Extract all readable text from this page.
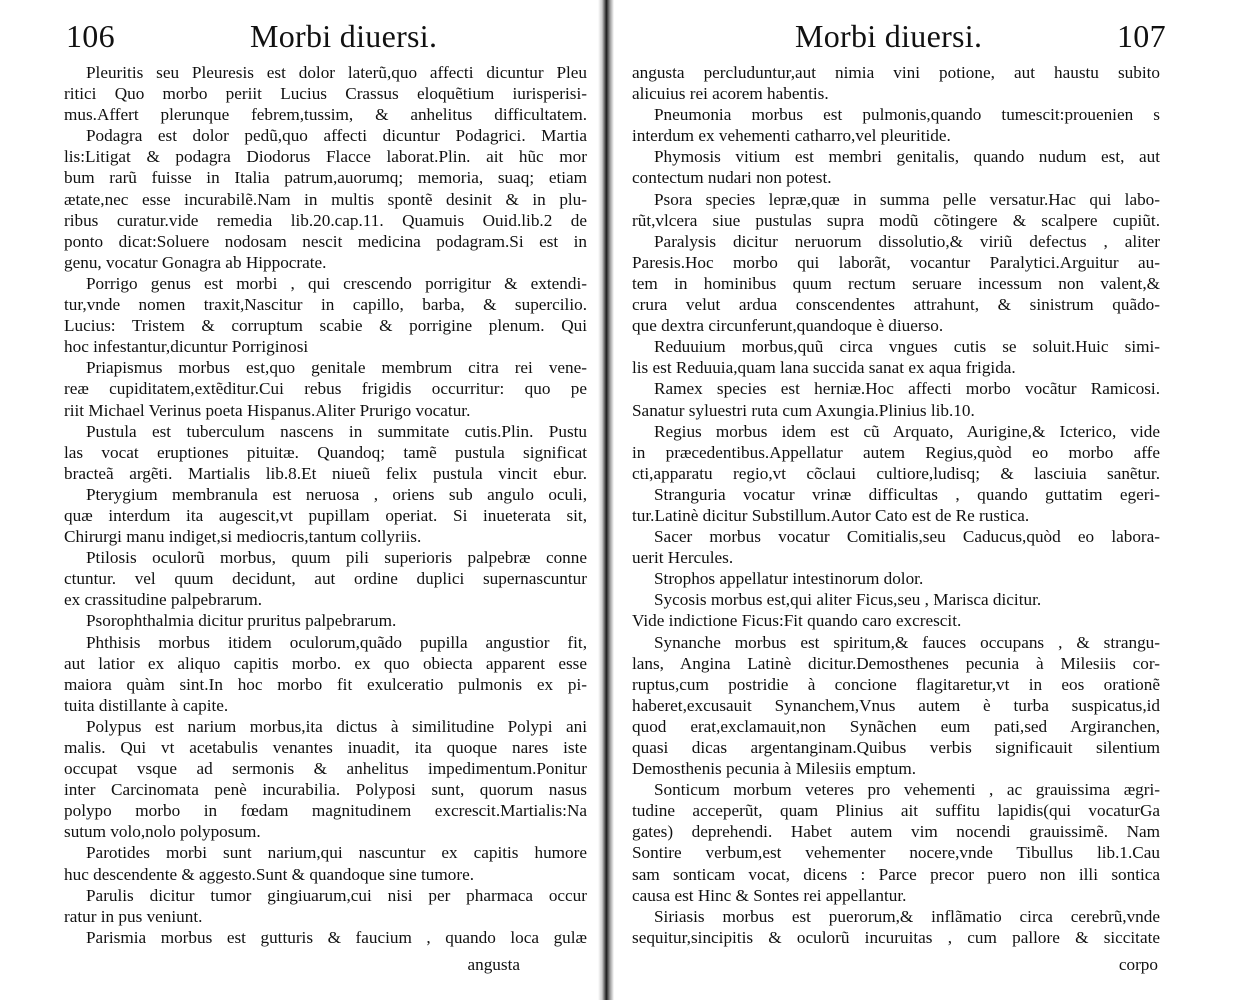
106	Morbi diuersi.
Pleuritis seu Pleuresis est dolor laterũ,quo affecti dicuntur Pleu
ritici Quo morbo periit Lucius Crassus eloquẽtium iurisperisi-
mus.Affert plerunque febrem,tussim, & anhelitus difficultatem.
Podagra est dolor pedũ,quo affecti dicuntur Podagrici. Martia
lis:Litigat & podagra Diodorus Flacce laborat.Plin. ait hũc mor
bum rarũ fuisse in Italia patrum,auorumq; memoria, suaq; etiam
ætate,nec esse incurabilẽ.Nam in multis spontẽ desinit & in plu-
ribus curatur.vide remedia lib.20.cap.11. Quamuis Ouid.lib.2 de
ponto dicat:Soluere nodosam nescit medicina podagram.Si est in
genu, vocatur Gonagra ab Hippocrate.
Porrigo genus est morbi , qui crescendo porrigitur & extendi-
tur,vnde nomen traxit,Nascitur in capillo, barba, & supercilio.
Lucius: Tristem & corruptum scabie & porrigine plenum. Qui
hoc infestantur,dicuntur Porriginosi
Priapismus morbus est,quo genitale membrum citra rei vene-
reæ cupiditatem,extẽditur.Cui rebus frigidis occurritur: quo pe
riit Michael Verinus poeta Hispanus.Aliter Prurigo vocatur.
Pustula est tuberculum nascens in summitate cutis.Plin. Pustu
las vocat eruptiones pituitæ. Quandoq; tamẽ pustula significat
bracteã argẽti. Martialis lib.8.Et niueũ felix pustula vincit ebur.
Pterygium membranula est neruosa , oriens sub angulo oculi,
quæ interdum ita augescit,vt pupillam operiat. Si inueterata sit,
Chirurgi manu indiget,si mediocris,tantum collyriis.
Ptilosis oculorũ morbus, quum pili superioris palpebræ conne
ctuntur. vel quum decidunt, aut ordine duplici supernascuntur
ex crassitudine palpebrarum.
Psorophthalmia dicitur pruritus palpebrarum.
Phthisis morbus itidem oculorum,quãdo pupilla angustior fit,
aut latior ex aliquo capitis morbo. ex quo obiecta apparent esse
maiora quàm sint.In hoc morbo fit exulceratio pulmonis ex pi-
tuita distillante à capite.
Polypus est narium morbus,ita dictus à similitudine Polypi ani
malis. Qui vt acetabulis venantes inuadit, ita quoque nares iste
occupat vsque ad sermonis & anhelitus impedimentum.Ponitur
inter Carcinomata penè incurabilia. Polyposi sunt, quorum nasus
polypo morbo in fœdam magnitudinem excrescit.Martialis:Na
sutum volo,nolo polyposum.
Parotides morbi sunt narium,qui nascuntur ex capitis humore
huc descendente & aggesto.Sunt & quandoque sine tumore.
Parulis dicitur tumor gingiuarum,cui nisi per pharmaca occur
ratur in pus veniunt.
Parismia morbus est gutturis & faucium , quando loca gulæ
angusta
Morbi diuersi.	107
angusta percluduntur,aut nimia vini potione, aut haustu subito
alicuius rei acorem habentis.
Pneumonia morbus est pulmonis,quando tumescit:prouenien s
interdum ex vehementi catharro,vel pleuritide.
Phymosis vitium est membri genitalis, quando nudum est, aut
contectum nudari non potest.
Psora species lepræ,quæ in summa pelle versatur.Hac qui labo-
rũt,vlcera siue pustulas supra modũ cõtingere & scalpere cupiũt.
Paralysis dicitur neruorum dissolutio,& viriũ defectus , aliter
Paresis.Hoc morbo qui laborãt, vocantur Paralytici.Arguitur au-
tem in hominibus quum rectum seruare incessum non valent,&
crura velut ardua conscendentes attrahunt, & sinistrum quãdo-
que dextra circunferunt,quandoque è diuerso.
Reduuium morbus,quũ circa vngues cutis se soluit.Huic simi-
lis est Reduuia,quam lana succida sanat ex aqua frigida.
Ramex species est herniæ.Hoc affecti morbo vocãtur Ramicosi.
Sanatur syluestri ruta cum Axungia.Plinius lib.10.
Regius morbus idem est cũ Arquato, Aurigine,& Icterico, vide
in præcedentibus.Appellatur autem Regius,quòd eo morbo affe
cti,apparatu regio,vt cõclaui cultiore,ludisq; & lasciuia sanẽtur.
Stranguria vocatur vrinæ difficultas , quando guttatim egeri-
tur.Latinè dicitur Substillum.Autor Cato est de Re rustica.
Sacer morbus vocatur Comitialis,seu Caducus,quòd eo labora-
uerit Hercules.
Strophos appellatur intestinorum dolor.
Sycosis morbus est,qui aliter Ficus,seu , Marisca dicitur.
Vide indictione Ficus:Fit quando caro excrescit.
Synanche morbus est spiritum,& fauces occupans , & strangu-
lans, Angina Latinè dicitur.Demosthenes pecunia à Milesiis cor-
ruptus,cum postridie à concione flagitaretur,vt in eos orationẽ
haberet,excusauit Synanchem,Vnus autem è turba suspicatus,id
quod erat,exclamauit,non Synãchen eum pati,sed Argiranchen,
quasi dicas argentanginam.Quibus verbis significauit silentium
Demosthenis pecunia à Milesiis emptum.
Sonticum morbum veteres pro vehementi , ac grauissima ægri-
tudine acceperũt, quam Plinius ait suffitu lapidis(qui vocaturGa
gates) deprehendi. Habet autem vim nocendi grauissimẽ. Nam
Sontire verbum,est vehementer nocere,vnde Tibullus lib.1.Cau
sam sonticam vocat, dicens : Parce precor puero non illi sontica
causa est Hinc & Sontes rei appellantur.
Siriasis morbus est puerorum,& inflãmatio circa cerebrũ,vnde
sequitur,sincipitis & oculorũ incuruitas , cum pallore & siccitate
corpo
